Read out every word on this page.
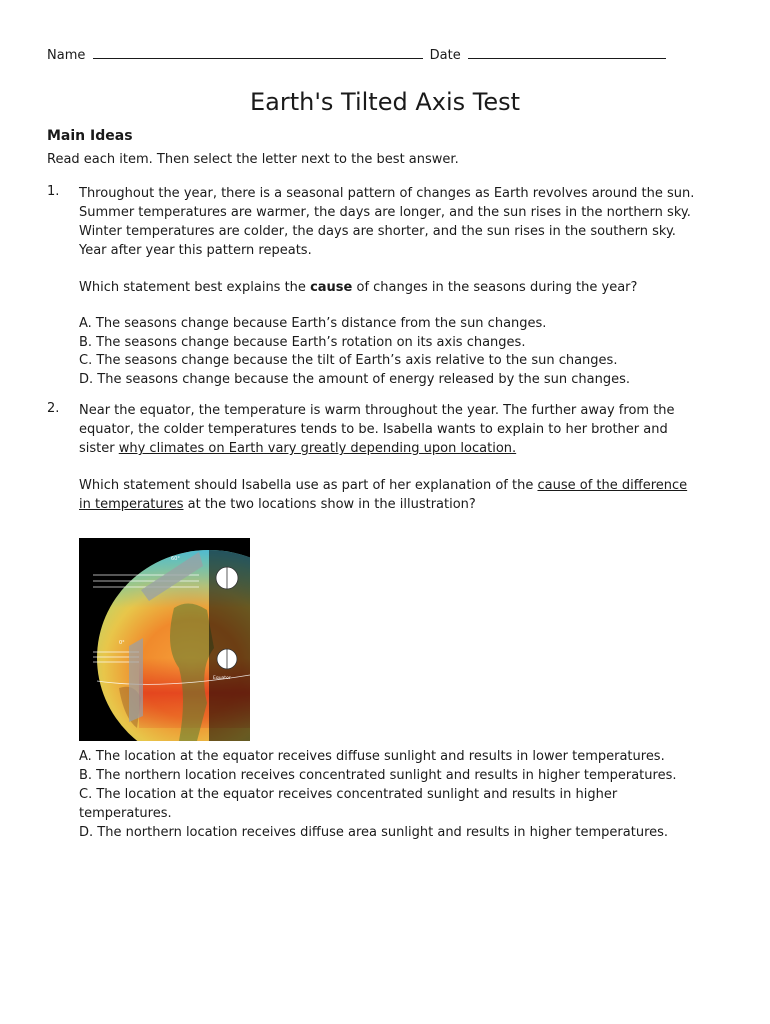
Name	Date
Earth's Tilted Axis Test
Main Ideas

Read each item. Then select the letter next to the best answer.

1. Throughout the year, there is a seasonal pattern of changes as Earth revolves around the sun.

Summer temperatures are warmer, the days are longer, and the sun rises in the northern sky.

Winter temperatures are colder, the days are shorter, and the sun rises in the southern sky.

Year after year this pattern repeats.

Which statement best explains the cause of changes in the seasons during the year?

A. The seasons change because Earth’s distance from the sun changes.
B. The seasons change because Earth’s rotation on its axis changes.
C. The seasons change because the tilt of Earth’s axis relative to the sun changes.
D. The seasons change because the amount of energy released by the sun changes.
2. Near the equator, the temperature is warm throughout the year. The further away from the

equator, the colder temperatures tends to be. Isabella wants to explain to her brother and

sister why climates on Earth vary greatly depending upon location.

Which statement should Isabella use as part of her explanation of the cause of the difference

in temperatures at the two locations show in the illustration?

60°
0°
Equator
A. The location at the equator receives diffuse sunlight and results in lower temperatures.
B. The northern location receives concentrated sunlight and results in higher temperatures.
C. The location at the equator receives concentrated sunlight and results in higher
temperatures.
D. The northern location receives diffuse area sunlight and results in higher temperatures.
